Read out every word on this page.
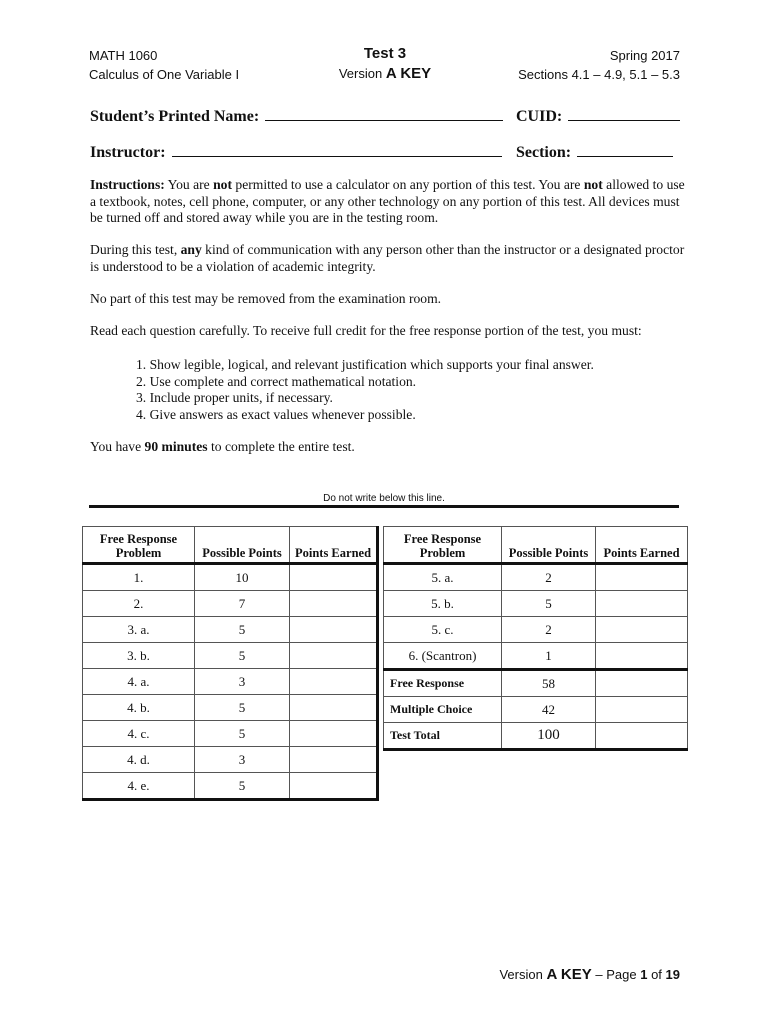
MATH 1060
Calculus of One Variable I
Test 3
Version A KEY
Spring 2017
Sections 4.1 – 4.9, 5.1 – 5.3
Student’s Printed Name:	CUID:
Instructor:	Section:
Instructions: You are not permitted to use a calculator on any portion of this test. You are not allowed to use a textbook, notes, cell phone, computer, or any other technology on any portion of this test. All devices must be turned off and stored away while you are in the testing room.
During this test, any kind of communication with any person other than the instructor or a designated proctor is understood to be a violation of academic integrity.
No part of this test may be removed from the examination room.
Read each question carefully. To receive full credit for the free response portion of the test, you must:
1. Show legible, logical, and relevant justification which supports your final answer.
2. Use complete and correct mathematical notation.
3. Include proper units, if necessary.
4. Give answers as exact values whenever possible.
You have 90 minutes to complete the entire test.
Do not write below this line.
Free Response Problem	Possible Points	Points Earned
1.	10	
2.	7	
3. a.	5	
3. b.	5	
4. a.	3	
4. b.	5	
4. c.	5	
4. d.	3	
4. e.	5	
Free Response Problem	Possible Points	Points Earned
5. a.	2	
5. b.	5	
5. c.	2	
6. (Scantron)	1	
Free Response	58	
Multiple Choice	42	
Test Total	100	
Version A KEY – Page 1 of 19
